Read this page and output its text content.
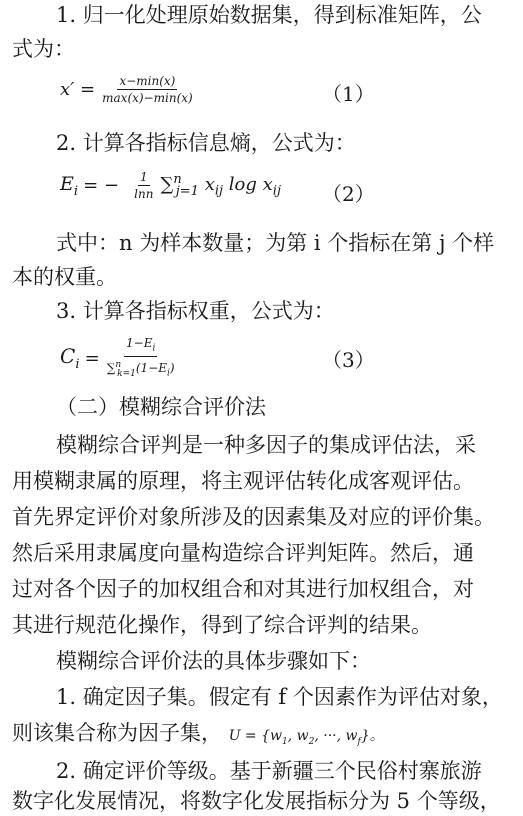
1. 归一化处理原始数据集，得到标准矩阵，公
式为：
$x' = \frac{x-\min(x)}{\max(x)-\min(x)}$	（1）
2. 计算各指标信息熵，公式为：
$E_i$ = − $\frac{1}{\ln n} \sum^n_{j=1}$ $x_{ij}$ $\log x_{ij}$ （2）
式中：n 为样本数量；为第 i 个指标在第 j 个样
本的权重。
3. 计算各指标权重，公式为：
$C_i = \frac{1-E_i}{\sum^n_{k=1}(1-E_i)}$	（3）
（二）模糊综合评价法
模糊综合评判是一种多因子的集成评估法，采
用模糊隶属的原理，将主观评估转化成客观评估。
首先界定评价对象所涉及的因素集及对应的评价集。
然后采用隶属度向量构造综合评判矩阵。然后，通
过对各个因子的加权组合和对其进行加权组合，对
其进行规范化操作，得到了综合评判的结果。
模糊综合评价法的具体步骤如下：
1. 确定因子集。假定有 f 个因素作为评估对象，
则该集合称为因子集， $U = \{w_1$, $w_2$, ···, $w_f$}。
2. 确定评价等级。基于新疆三个民俗村寨旅游
数字化发展情况，将数字化发展指标分为 5 个等级，
